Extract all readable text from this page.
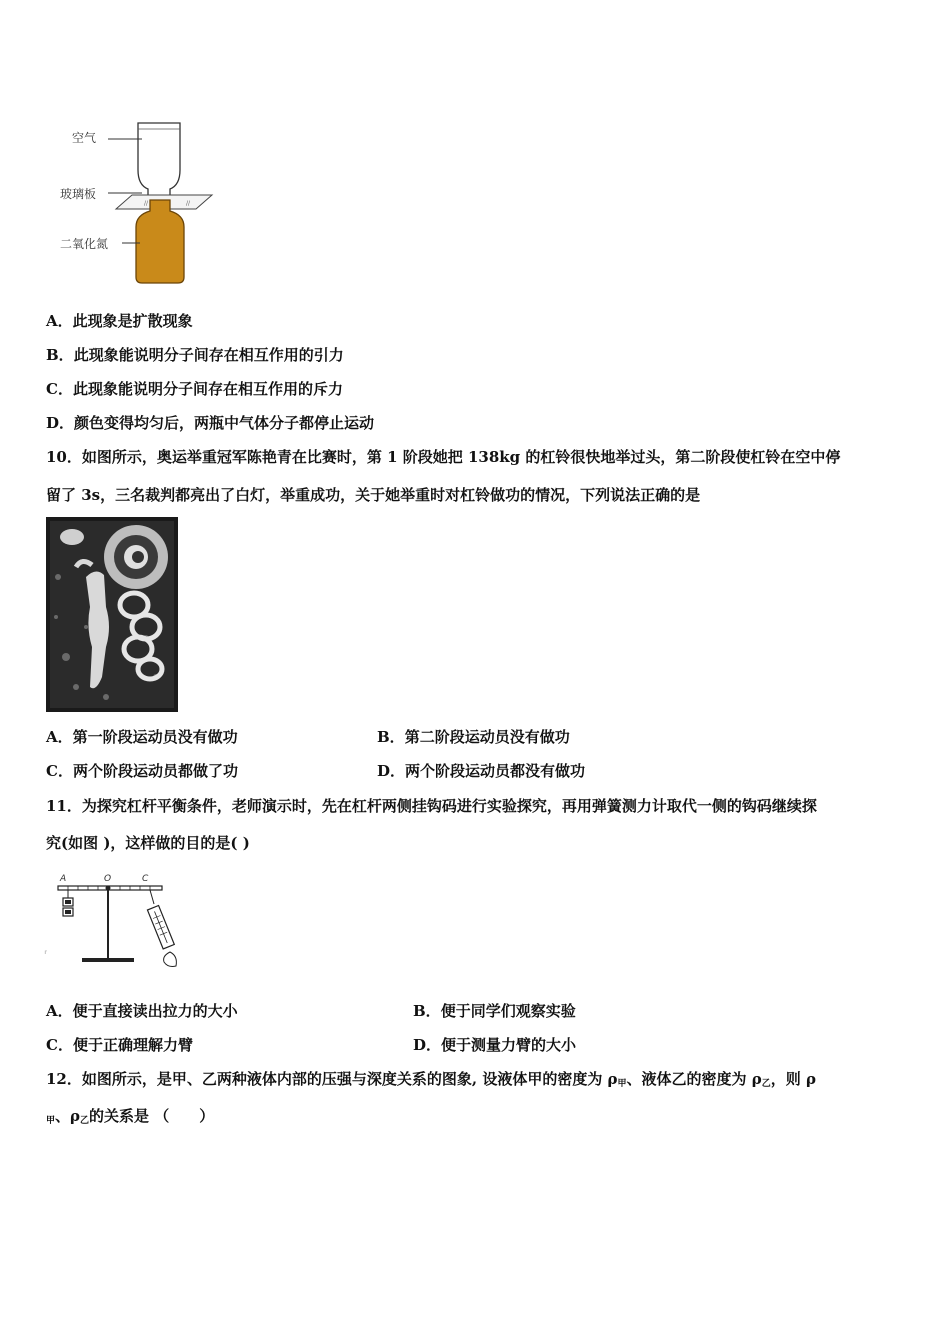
//	//
空气
玻璃板
二氧化氮
A．此现象是扩散现象
B．此现象能说明分子间存在相互作用的引力
C．此现象能说明分子间存在相互作用的斥力
D．颜色变得均匀后，两瓶中气体分子都停止运动
10．如图所示，奥运举重冠军陈艳青在比赛时，第 1 阶段她把 138kg 的杠铃很快地举过头，第二阶段使杠铃在空中停
留了 3s，三名裁判都亮出了白灯，举重成功，关于她举重时对杠铃做功的情况，下列说法正确的是
A．第一阶段运动员没有做功	B．第二阶段运动员没有做功
C．两个阶段运动员都做了功	D．两个阶段运动员都没有做功
11．为探究杠杆平衡条件，老师演示时，先在杠杆两侧挂钩码进行实验探究，再用弹簧测力计取代一侧的钩码继续探
究(如图 )，这样做的目的是( )
⸢
A	O	C
A．便于直接读出拉力的大小	B．便于同学们观察实验
C．便于正确理解力臂	D．便于测量力臂的大小
12．如图所示，是甲、乙两种液体内部的压强与深度关系的图象, 设液体甲的密度为 $\rho_甲$、液体乙的密度为 $\rho_乙$，则 ρ
$_甲$、$\rho_乙$的关系是 （　　）
